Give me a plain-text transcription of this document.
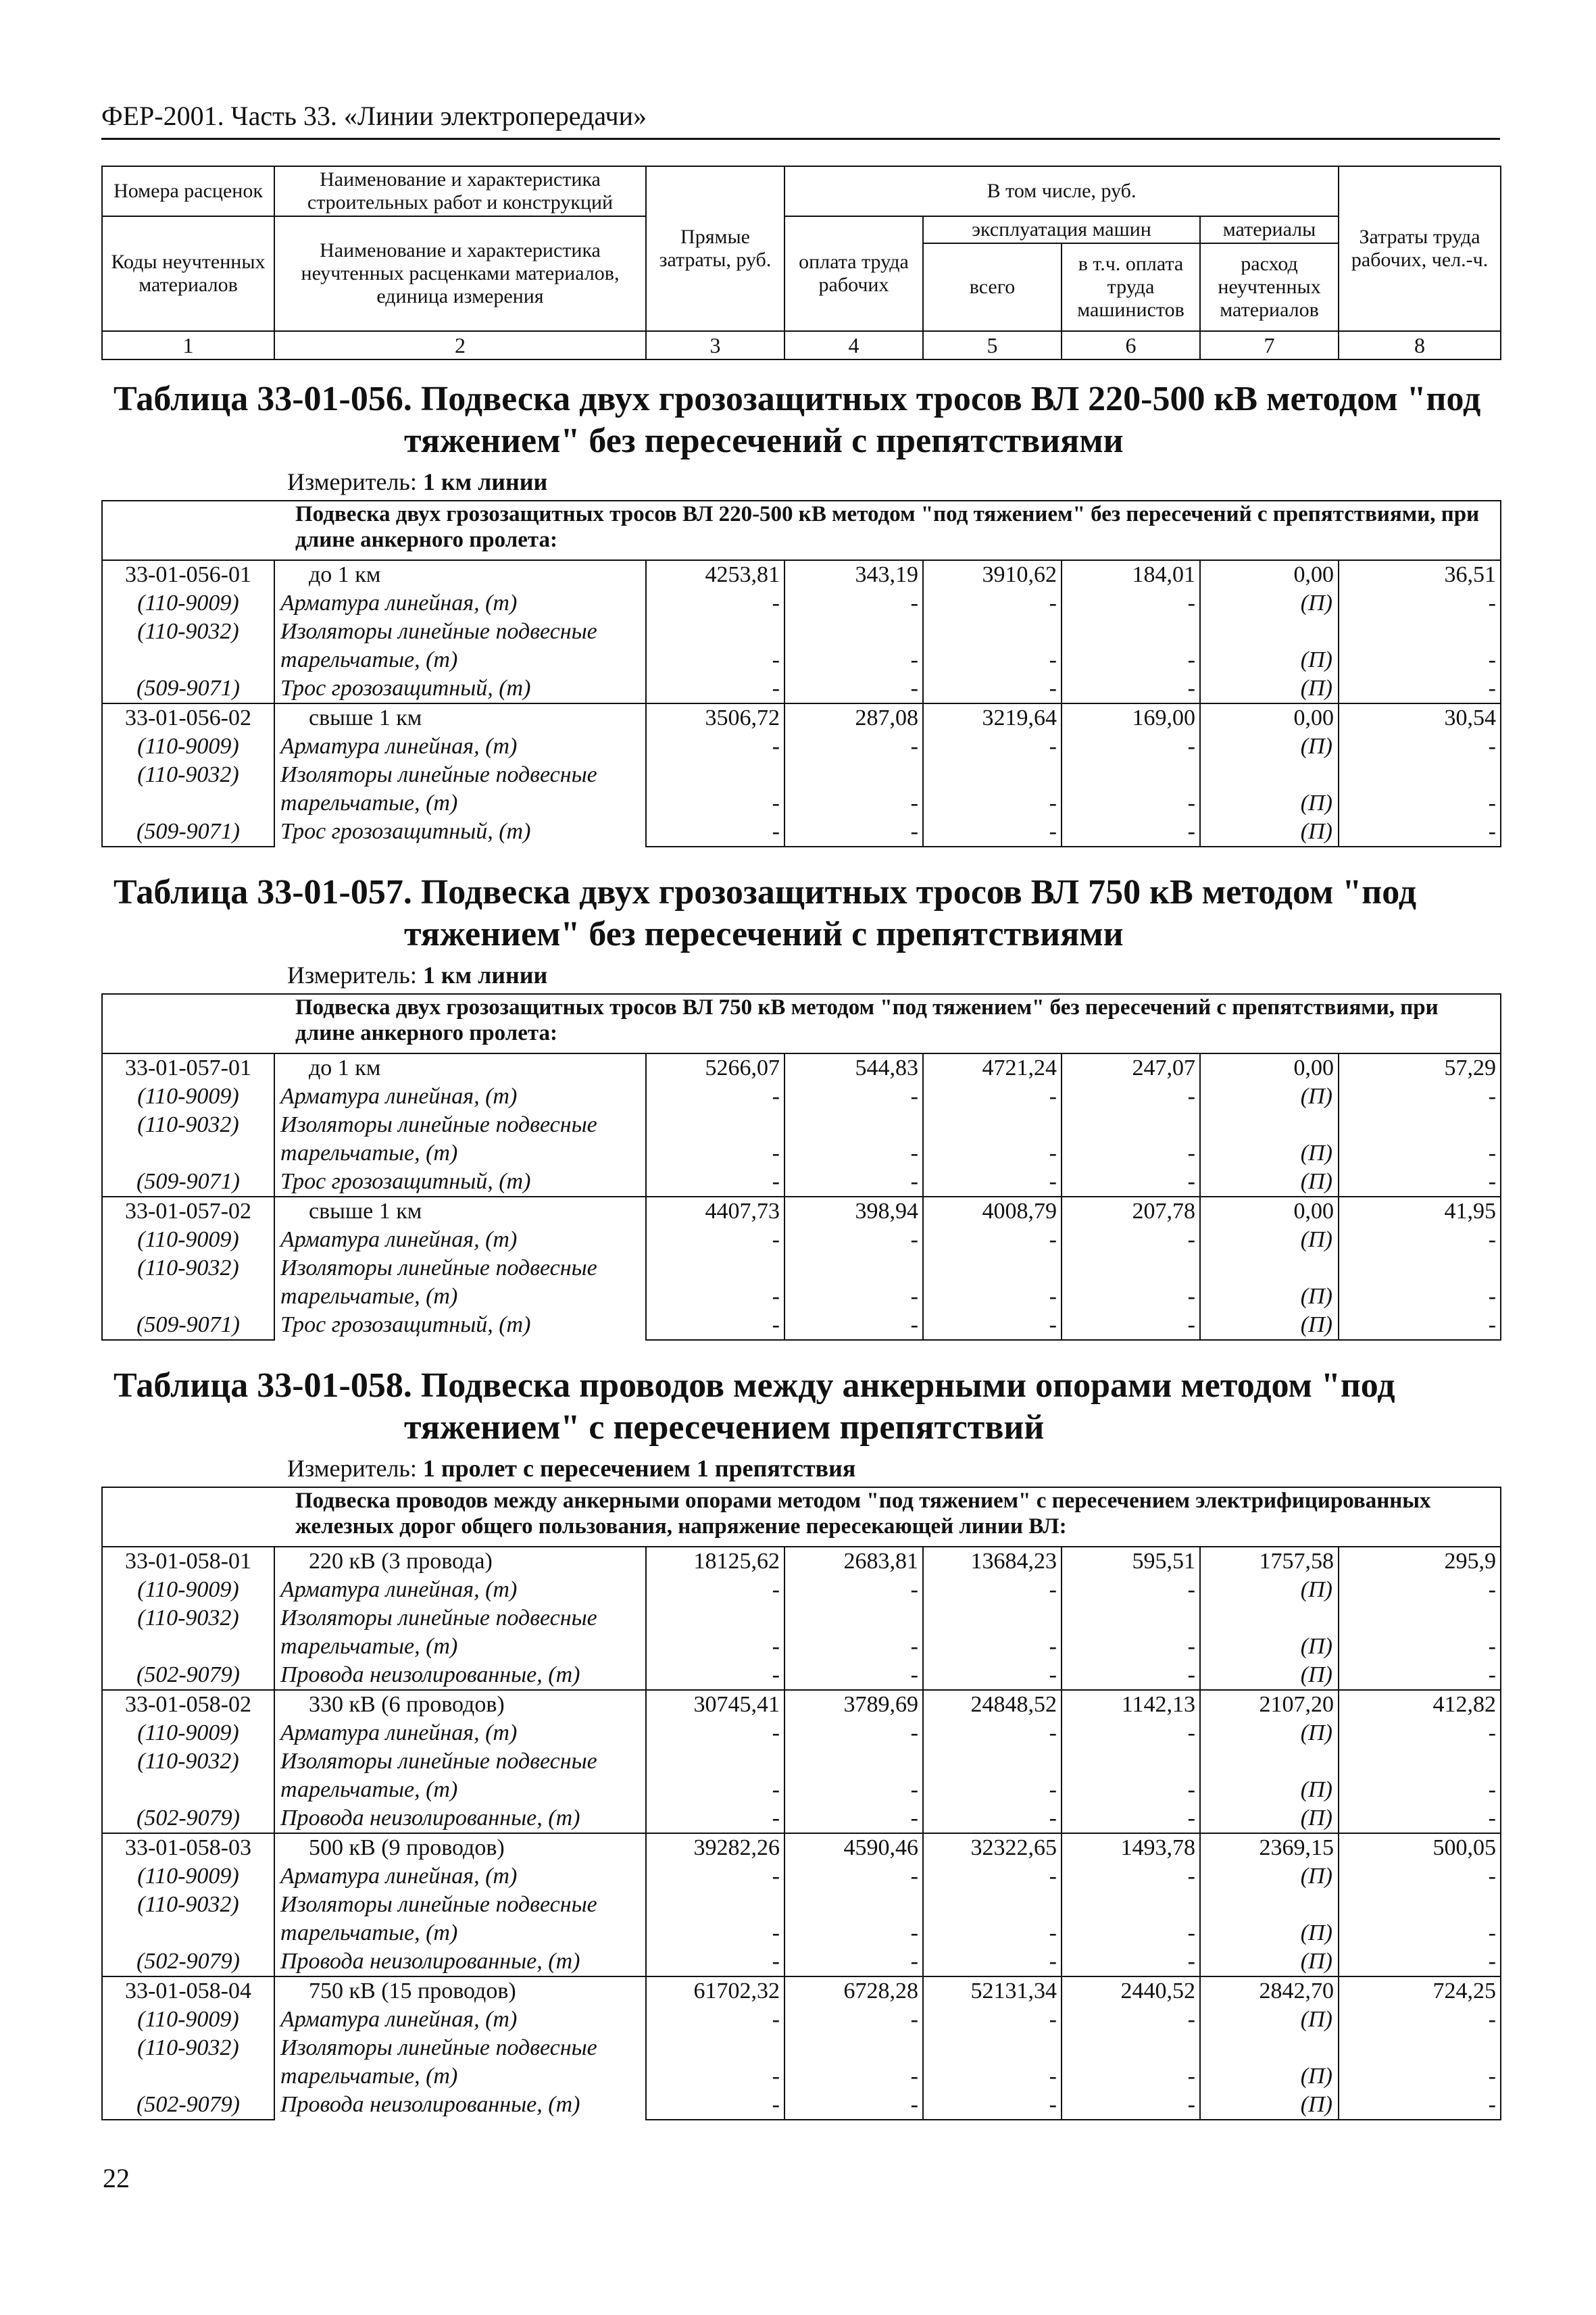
ФЕР-2001. Часть 33. «Линии электропередачи»
Номера расценок	Наименование и характеристика строительных работ и конструкций	Прямые затраты, руб.	В том числе, руб.				Затраты труда рабочих, чел.-ч.
Коды неучтенных материалов	Наименование и характеристика неучтенных расценками материалов, единица измерения		оплата труда рабочих	эксплуатация машин		материалы	
				всего	в т.ч. оплата труда машинистов	расход неучтенных материалов	
1	2	3	4	5	6	7	8
Таблица 33-01-056. Подвеска двух грозозащитных тросов ВЛ 220-500 кВ методом "под
тяжением" без пересечений с препятствиями
Измеритель: 1 км линии
Подвеска двух грозозащитных тросов ВЛ 220-500 кВ методом "под тяжением" без пересечений с препятствиями, при длине анкерного пролета:							
33-01-056-01	до 1 км	4253,81	343,19	3910,62	184,01	0,00	36,51
(110-9009)	Арматура линейная, (т)	-	-	-	-	(П)	-
(110-9032)	Изоляторы линейные подвесные тарельчатые, (т)	-	-	-	-	(П)	-
(509-9071)	Трос грозозащитный, (т)	-	-	-	-	(П)	-
33-01-056-02	свыше 1 км	3506,72	287,08	3219,64	169,00	0,00	30,54
(110-9009)	Арматура линейная, (т)	-	-	-	-	(П)	-
(110-9032)	Изоляторы линейные подвесные тарельчатые, (т)	-	-	-	-	(П)	-
(509-9071)	Трос грозозащитный, (т)	-	-	-	-	(П)	-
Таблица 33-01-057. Подвеска двух грозозащитных тросов ВЛ 750 кВ методом "под
тяжением" без пересечений с препятствиями
Измеритель: 1 км линии
Подвеска двух грозозащитных тросов ВЛ 750 кВ методом "под тяжением" без пересечений с препятствиями, при длине анкерного пролета:							
33-01-057-01	до 1 км	5266,07	544,83	4721,24	247,07	0,00	57,29
(110-9009)	Арматура линейная, (т)	-	-	-	-	(П)	-
(110-9032)	Изоляторы линейные подвесные тарельчатые, (т)	-	-	-	-	(П)	-
(509-9071)	Трос грозозащитный, (т)	-	-	-	-	(П)	-
33-01-057-02	свыше 1 км	4407,73	398,94	4008,79	207,78	0,00	41,95
(110-9009)	Арматура линейная, (т)	-	-	-	-	(П)	-
(110-9032)	Изоляторы линейные подвесные тарельчатые, (т)	-	-	-	-	(П)	-
(509-9071)	Трос грозозащитный, (т)	-	-	-	-	(П)	-
Таблица 33-01-058. Подвеска проводов между анкерными опорами методом "под
тяжением" с пересечением препятствий
Измеритель: 1 пролет с пересечением 1 препятствия
Подвеска проводов между анкерными опорами методом "под тяжением" с пересечением электрифицированных железных дорог общего пользования, напряжение пересекающей линии ВЛ:							
33-01-058-01	220 кВ (3 провода)	18125,62	2683,81	13684,23	595,51	1757,58	295,9
(110-9009)	Арматура линейная, (т)	-	-	-	-	(П)	-
(110-9032)	Изоляторы линейные подвесные тарельчатые, (т)	-	-	-	-	(П)	-
(502-9079)	Провода неизолированные, (т)	-	-	-	-	(П)	-
33-01-058-02	330 кВ (6 проводов)	30745,41	3789,69	24848,52	1142,13	2107,20	412,82
(110-9009)	Арматура линейная, (т)	-	-	-	-	(П)	-
(110-9032)	Изоляторы линейные подвесные тарельчатые, (т)	-	-	-	-	(П)	-
(502-9079)	Провода неизолированные, (т)	-	-	-	-	(П)	-
33-01-058-03	500 кВ (9 проводов)	39282,26	4590,46	32322,65	1493,78	2369,15	500,05
(110-9009)	Арматура линейная, (т)	-	-	-	-	(П)	-
(110-9032)	Изоляторы линейные подвесные тарельчатые, (т)	-	-	-	-	(П)	-
(502-9079)	Провода неизолированные, (т)	-	-	-	-	(П)	-
33-01-058-04	750 кВ (15 проводов)	61702,32	6728,28	52131,34	2440,52	2842,70	724,25
(110-9009)	Арматура линейная, (т)	-	-	-	-	(П)	-
(110-9032)	Изоляторы линейные подвесные тарельчатые, (т)	-	-	-	-	(П)	-
(502-9079)	Провода неизолированные, (т)	-	-	-	-	(П)	-
22
